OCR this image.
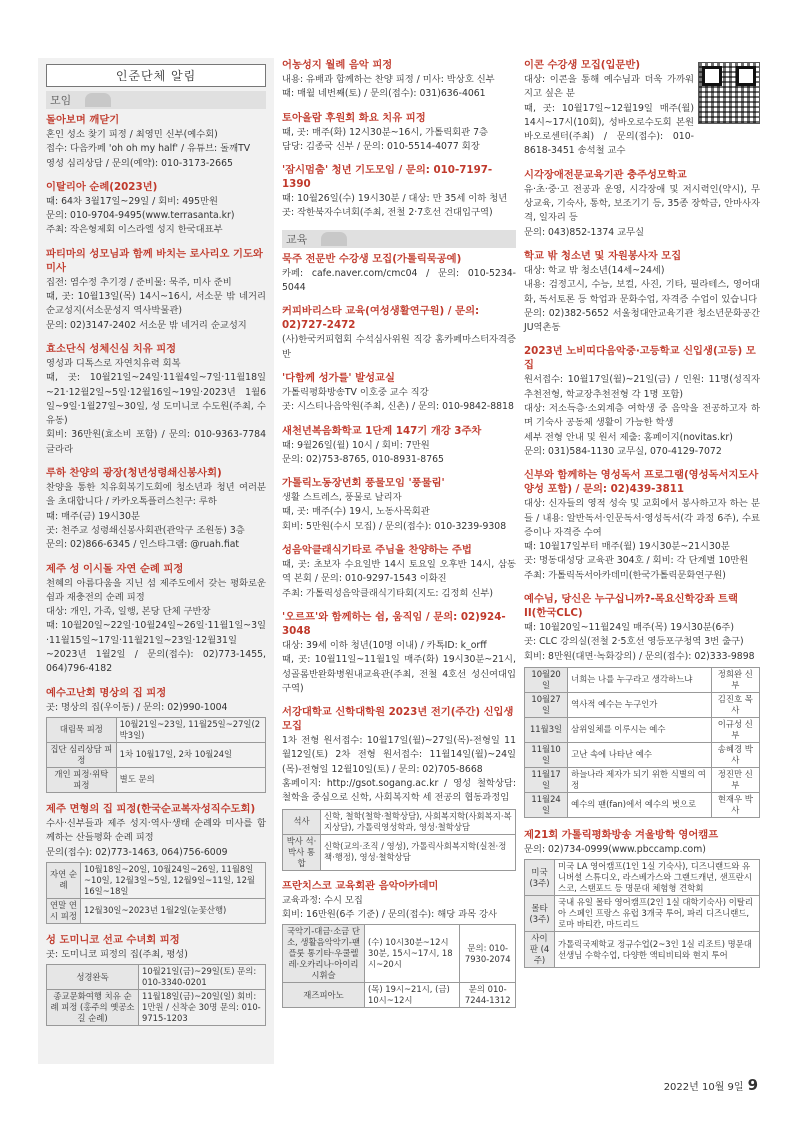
인준단체 알림
모임
돌아보며 깨닫기
혼인 성소 찾기 피정 / 최영민 신부(예수회)
접수: 다음카페 'oh oh my half' / 유튜브: 돌깨TV
영성 심리상담 / 문의(예약): 010-3173-2665
이탈리아 순례(2023년)
때: 64차 3월17일~29일 / 회비: 495만원
문의: 010-9704-9495(www.terrasanta.kr)
주최: 작은형제회 이스라엘 성지 한국대표부
파티마의 성모님과 함께 바치는 로사리오 기도와 미사
집전: 염수정 추기경 / 준비물: 묵주, 미사 준비
때, 곳: 10월13일(목) 14시~16시, 서소문 밖 네거리 순교성지(서소문성지 역사박물관)
문의: 02)3147-2402 서소문 밖 네거리 순교성지
효소단식 성체신심 치유 피정
영성과 디톡스로 자연치유력 회복
때, 곳: 10월21일~24일·11월4일~7일·11월18일~21·12월2일~5일·12월16일~19일·2023년 1월6일~9일·1월27일~30일, 성 도미니코 수도원(주최, 수유동)
회비: 36만원(효소비 포함) / 문의: 010-9363-7784 글라라
루하 찬양의 광장(청년성령쇄신봉사회)
찬양을 통한 치유회복기도회에 청소년과 청년 여러분을 초대합니다 / 카카오톡플러스친구: 루하
때: 매주(금) 19시30분
곳: 천주교 성령쇄신봉사회관(관악구 조원동) 3층
문의: 02)866-6345 / 인스타그램: @ruah.fiat
제주 성 이시돌 자연 순례 피정
천혜의 아름다움을 지닌 섬 제주도에서 갖는 평화로운 쉼과 재충전의 순례 피정
대상: 개인, 가족, 일행, 본당 단체 구반장
때: 10월20일~22일·10월24일~26일·11월1일~3일·11월15일~17일·11월21일~23일·12월31일~2023년 1월2일 / 문의(접수): 02)773-1455, 064)796-4182
예수고난회 명상의 집 피정
곳: 명상의 집(우이동) / 문의: 02)990-1004
대림묵 피정	10월21일~23일, 11월25일~27일(2박3일)
집단 심리상담 피정	1차 10월17일, 2차 10월24일
개인 피정·위탁 피정	별도 문의
제주 면형의 집 피정(한국순교복자성직수도회)
수사·신부들과 제주 성지·역사·생태 순례와 미사를 함께하는 산들평화 순례 피정
문의(접수): 02)773-1463, 064)756-6009
자연 순례	10월18일~20일, 10월24일~26일, 11월8일~10일, 12월3일~5일, 12월9일~11일, 12월16일~18일
연말 연시 피정	12월30일~2023년 1월2일(눈꽃산행)
성 도미니코 선교 수녀회 피정
곳: 도미니코 피정의 집(주최, 평성)
성경완독	10월21일(금)~29일(토) 문의: 010-3340-0201
종교문화여행 치유 순례 피정 (홍주의 옛공소길 순례)	11월18일(금)~20일(일) 회비: 1만원 / 신착순 30명 문의: 010-9715-1203
어농성지 월례 음악 피정
내용: 유배과 함께하는 찬양 피정 / 미사: 박상호 신부
때: 매월 네번째(토) / 문의(접수): 031)636-4061
토아올람 후원회 화요 치유 피정
때, 곳: 매주(화) 12시30분~16시, 가톨릭회관 7층
담당: 김종국 신부 / 문의: 010-5514-4077 회장
'잠시멈춤' 청년 기도모임 / 문의: 010-7197-1390
때: 10월26일(수) 19시30분 / 대상: 만 35세 이하 청년
곳: 작한북자수녀회(주최, 전철 2·7호선 건대입구역)
교육
묵주 전문반 수강생 모집(가톨릭묵공예)
카페: cafe.naver.com/cmc04 / 문의: 010-5234-5044
커피바리스타 교육(여성생활연구원) / 문의: 02)727-2472
(사)한국커피협회 수석심사위원 직강 홈카페마스터자격증반
'다함께 성가를' 발성교실
가톨릭평화방송TV 이호중 교수 직강
곳: 시스티나음악원(주최, 신촌) / 문의: 010-9842-8818
새천년복음화학교 1단계 147기 개강 3주차
때: 9월26일(월) 10시 / 회비: 7만원
문의: 02)753-8765, 010-8931-8765
가톨릭노동장년회 풍물모임 '풍물림'
생활 스트레스, 풍물로 날리자
때, 곳: 매주(수) 19시, 노동사목회관
회비: 5만원(수시 모집) / 문의(접수): 010-3239-9308
성음악클래식기타로 주님을 찬양하는 주법
때, 곳: 초보자 수요일반 14시 토요일 오후반 14시, 삼동역 본회 / 문의: 010-9297-1543 이화진
주최: 가톨릭성음악클래식기타회(지도: 김정희 신부)
'오르프'와 함께하는 쉼, 움직임 / 문의: 02)924-3048
대상: 39세 이하 청년(10명 이내) / 카톡ID: k_orff
때, 곳: 10월11일~11월1일 매주(화) 19시30분~21시, 성골롬반완화병원내교육관(주최, 전철 4호선 성신여대입구역)
서강대학교 신학대학원 2023년 전기(주간) 신입생 모집
1차 전형 원서접수: 10월17일(월)~27일(목)-전형일 11월12일(토) 2차 전형 원서접수: 11월14일(월)~24일(목)-전형일 12월10일(토) / 문의: 02)705-8668
홈페이지: http://gsot.sogang.ac.kr / 영성 철학상담: 철학을 중심으로 신학, 사회복지학 세 전공의 협동과정임
석사	신학, 철학(철학·철학상담), 사회복지학(사회복지·복지상담), 가톨릭영성학과, 영성·철학상담
박사 석·박사 통합	신학(교의·조직 / 영성), 가톨릭사회복지학(실천·정책·행정), 영성·철학상담
프란치스코 교육회관 음악아카데미
교육과정: 수시 모집
회비: 16만원(6주 기준) / 문의(접수): 해당 과목 강사
국악기-대금·소금 단소, 생활음악악기-팬플룻 통기타·우쿨렐레·오카리나·아이리시휘슬	(수) 10시30분~12시30분, 15시~17시, 18시~20시	문의: 010-7930-2074
재즈피아노	(목) 19시~21시, (금) 10시~12시	문의 010-7244-1312
이콘 수강생 모집(입문반)
대상: 이콘을 통해 예수님과 더욱 가까워지고 싶은 분
때, 곳: 10월17일~12월19일 매주(월) 14시~17시(10회), 성바오로수도회 본원 바오로센터(주최) / 문의(접수): 010-8618-3451 송석철 교수
시각장애전문교육기관 충주성모학교
유·초·중·고 전공과 운영, 시각장애 및 저시력인(약시), 무상교육, 기숙사, 통학, 보조기기 등, 35종 장학금, 안마사자격, 일자리 등
문의: 043)852-1374 교무실
학교 밖 청소년 및 자원봉사자 모집
대상: 학교 밖 청소년(14세~24세)
내용: 검정고시, 수능, 보컬, 사진, 기타, 필라테스, 영어대화, 독서토론 등 학업과 문화수업, 자격증 수업이 있습니다
문의: 02)382-5652 서울청대안교육기관 청소년문화공간JU역촌동
2023년 노비띠다음악중·고등학교 신입생(고등) 모집
원서접수: 10월17일(월)~21일(금) / 인원: 11명(성직자추천전형, 학교장추천전형 각 1명 포함)
대상: 저소득층·소외계층 여학생 중 음악을 전공하고자 하며 기숙사 공동체 생활이 가능한 학생
세부 전형 안내 및 원서 제출: 홈페이지(novitas.kr)
문의: 031)584-1130 교무실, 070-4129-7072
신부와 함께하는 영성독서 프로그램(영성독서지도사 양성 포함) / 문의: 02)439-3811
대상: 신자들의 영적 성숙 및 교회에서 봉사하고자 하는 분들 / 내용: 알반독서·인문독서·영성독서(각 과정 6주), 수료증이나 자격증 수여
때: 10월17일부터 매주(월) 19시30분~21시30분
곳: 명동대성당 교육관 304호 / 회비: 각 단계별 10만원
주최: 가톨릭독서아카데미(한국가톨릭문화연구원)
예수님, 당신은 누구십니까?-목요신학강좌 트랙 II(한국CLC)
때: 10월20일~11월24일 매주(목) 19시30분(6주)
곳: CLC 강의실(전철 2·5호선 영등포구청역 3번 출구)
회비: 8만원(대면·녹화강의) / 문의(접수): 02)333-9898
10월20일	너희는 나를 누구라고 생각하느냐	정희완 신부
10월27일	역사적 예수는 누구인가	김진호 목사
11월3일	삼위일체를 이루시는 예수	이규성 신부
11월10일	고난 속에 나타난 예수	송혜경 박사
11월17일	하늘나라 제자가 되기 위한 식별의 여정	정진만 신부
11월24일	예수의 팬(fan)에서 예수의 벗으로	현재우 박사
제21회 가톨릭평화방송 겨울방학 영어캠프
문의: 02)734-0999(www.pbccamp.com)
미국 (3주)	미국 LA 영어캠프(1인 1실 기숙사), 디즈니랜드와 유니버셜 스튜디오, 라스베가스와 그랜드캐년, 샌프란시스코, 스탠포드 등 명문대 체험형 견학회
몰타 (3주)	국내 유일 몰타 영어캠프(2인 1실 대학기숙사) 이탈리아 스페인 프랑스 유럽 3개국 투어, 파리 디즈니랜드, 로마 바티칸, 마드리드
사이판 (4주)	가톨릭국제학교 정규수업(2~3인 1실 리조트) 명문대 선생님 수학수업, 다양한 액티비티와 현지 투어
2022년 10월 9일 9
